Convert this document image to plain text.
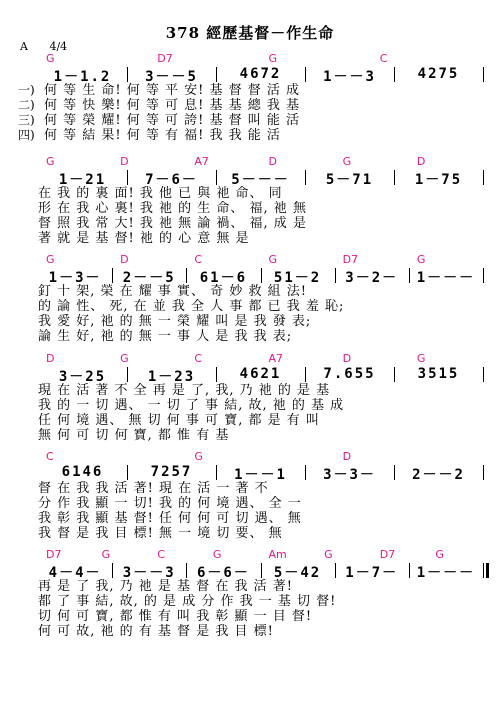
378 經歷基督－作生命
A 4/4
G	D7	G	C
1－1.2	3－－5	4672	1－－3	4275
一) 何 等 生 命! 何 等 平 安! 基 督 督 活 成
二) 何 等 快 樂! 何 等 可 息! 基 基 總 我 基
三) 何 等 榮 耀! 何 等 可 誇! 基 督 叫 能 活
四) 何 等 結 果! 何 等 有 福! 我 我 能 活
G	D	A7	D	G	D
1－21	7－6－	5－－－	5－71	1－75
在 我 的 裏 面! 我 他 已 與 祂 命、 同
形 在 我 心 裏! 我 祂 的 生 命、 福, 祂 無
督 照 我 常 大! 我 祂 無 論 禍、 福, 成 是
著 就 是 基 督! 祂 的 心 意 無 是
G	D	C	G	D7	G
1－3－	2－－5	61－6	51－2	3－2－	1－－－
釘 十 架, 榮 在 耀 事 實、 奇 妙 救 組 法!
的 論 性、 死, 在 並 我 全 人 事 都 已 我 羞 恥;
我 愛 好, 祂 的 無 一 榮 耀 叫 是 我 發 表;
論 生 好, 祂 的 無 一 事 人 是 我 我 表;
D	G	C	A7	D	G
3－25	1－23	4621	7.655	3515
現 在 活 著 不 全 再 是 了, 我, 乃 祂 的 是 基
我 的 一 切 遇、 一 切 了 事 結, 故, 祂 的 基 成
任 何 境 遇、 無 切 何 事 可 寶, 都 是 有 叫
無 何 可 切 何 寶, 都 惟 有 基
C	G	D
6146	7257	1－－1	3－3－	2－－2
督 在 我 我 活 著! 現 在 活 一 著 不
分 作 我 顯 一 切! 我 的 何 境 遇、 全 一
我 彰 我 顯 基 督! 任 何 何 可 切 遇、 無
我 督 是 我 目 標! 無 一 境 切 要、 無
D7	G	C	G	Am	G	D7	G
4－4－	3－－3	6－6－	5－42	1－7－	1－－－
再 是 了 我, 乃 祂 是 基 督 在 我 活 著!
都 了 事 結, 故, 的 是 成 分 作 我 一 基 切 督!
切 何 可 寶, 都 惟 有 叫 我 彰 顯 一 目 督!
何 可 故, 祂 的 有 基 督 是 我 目 標!
